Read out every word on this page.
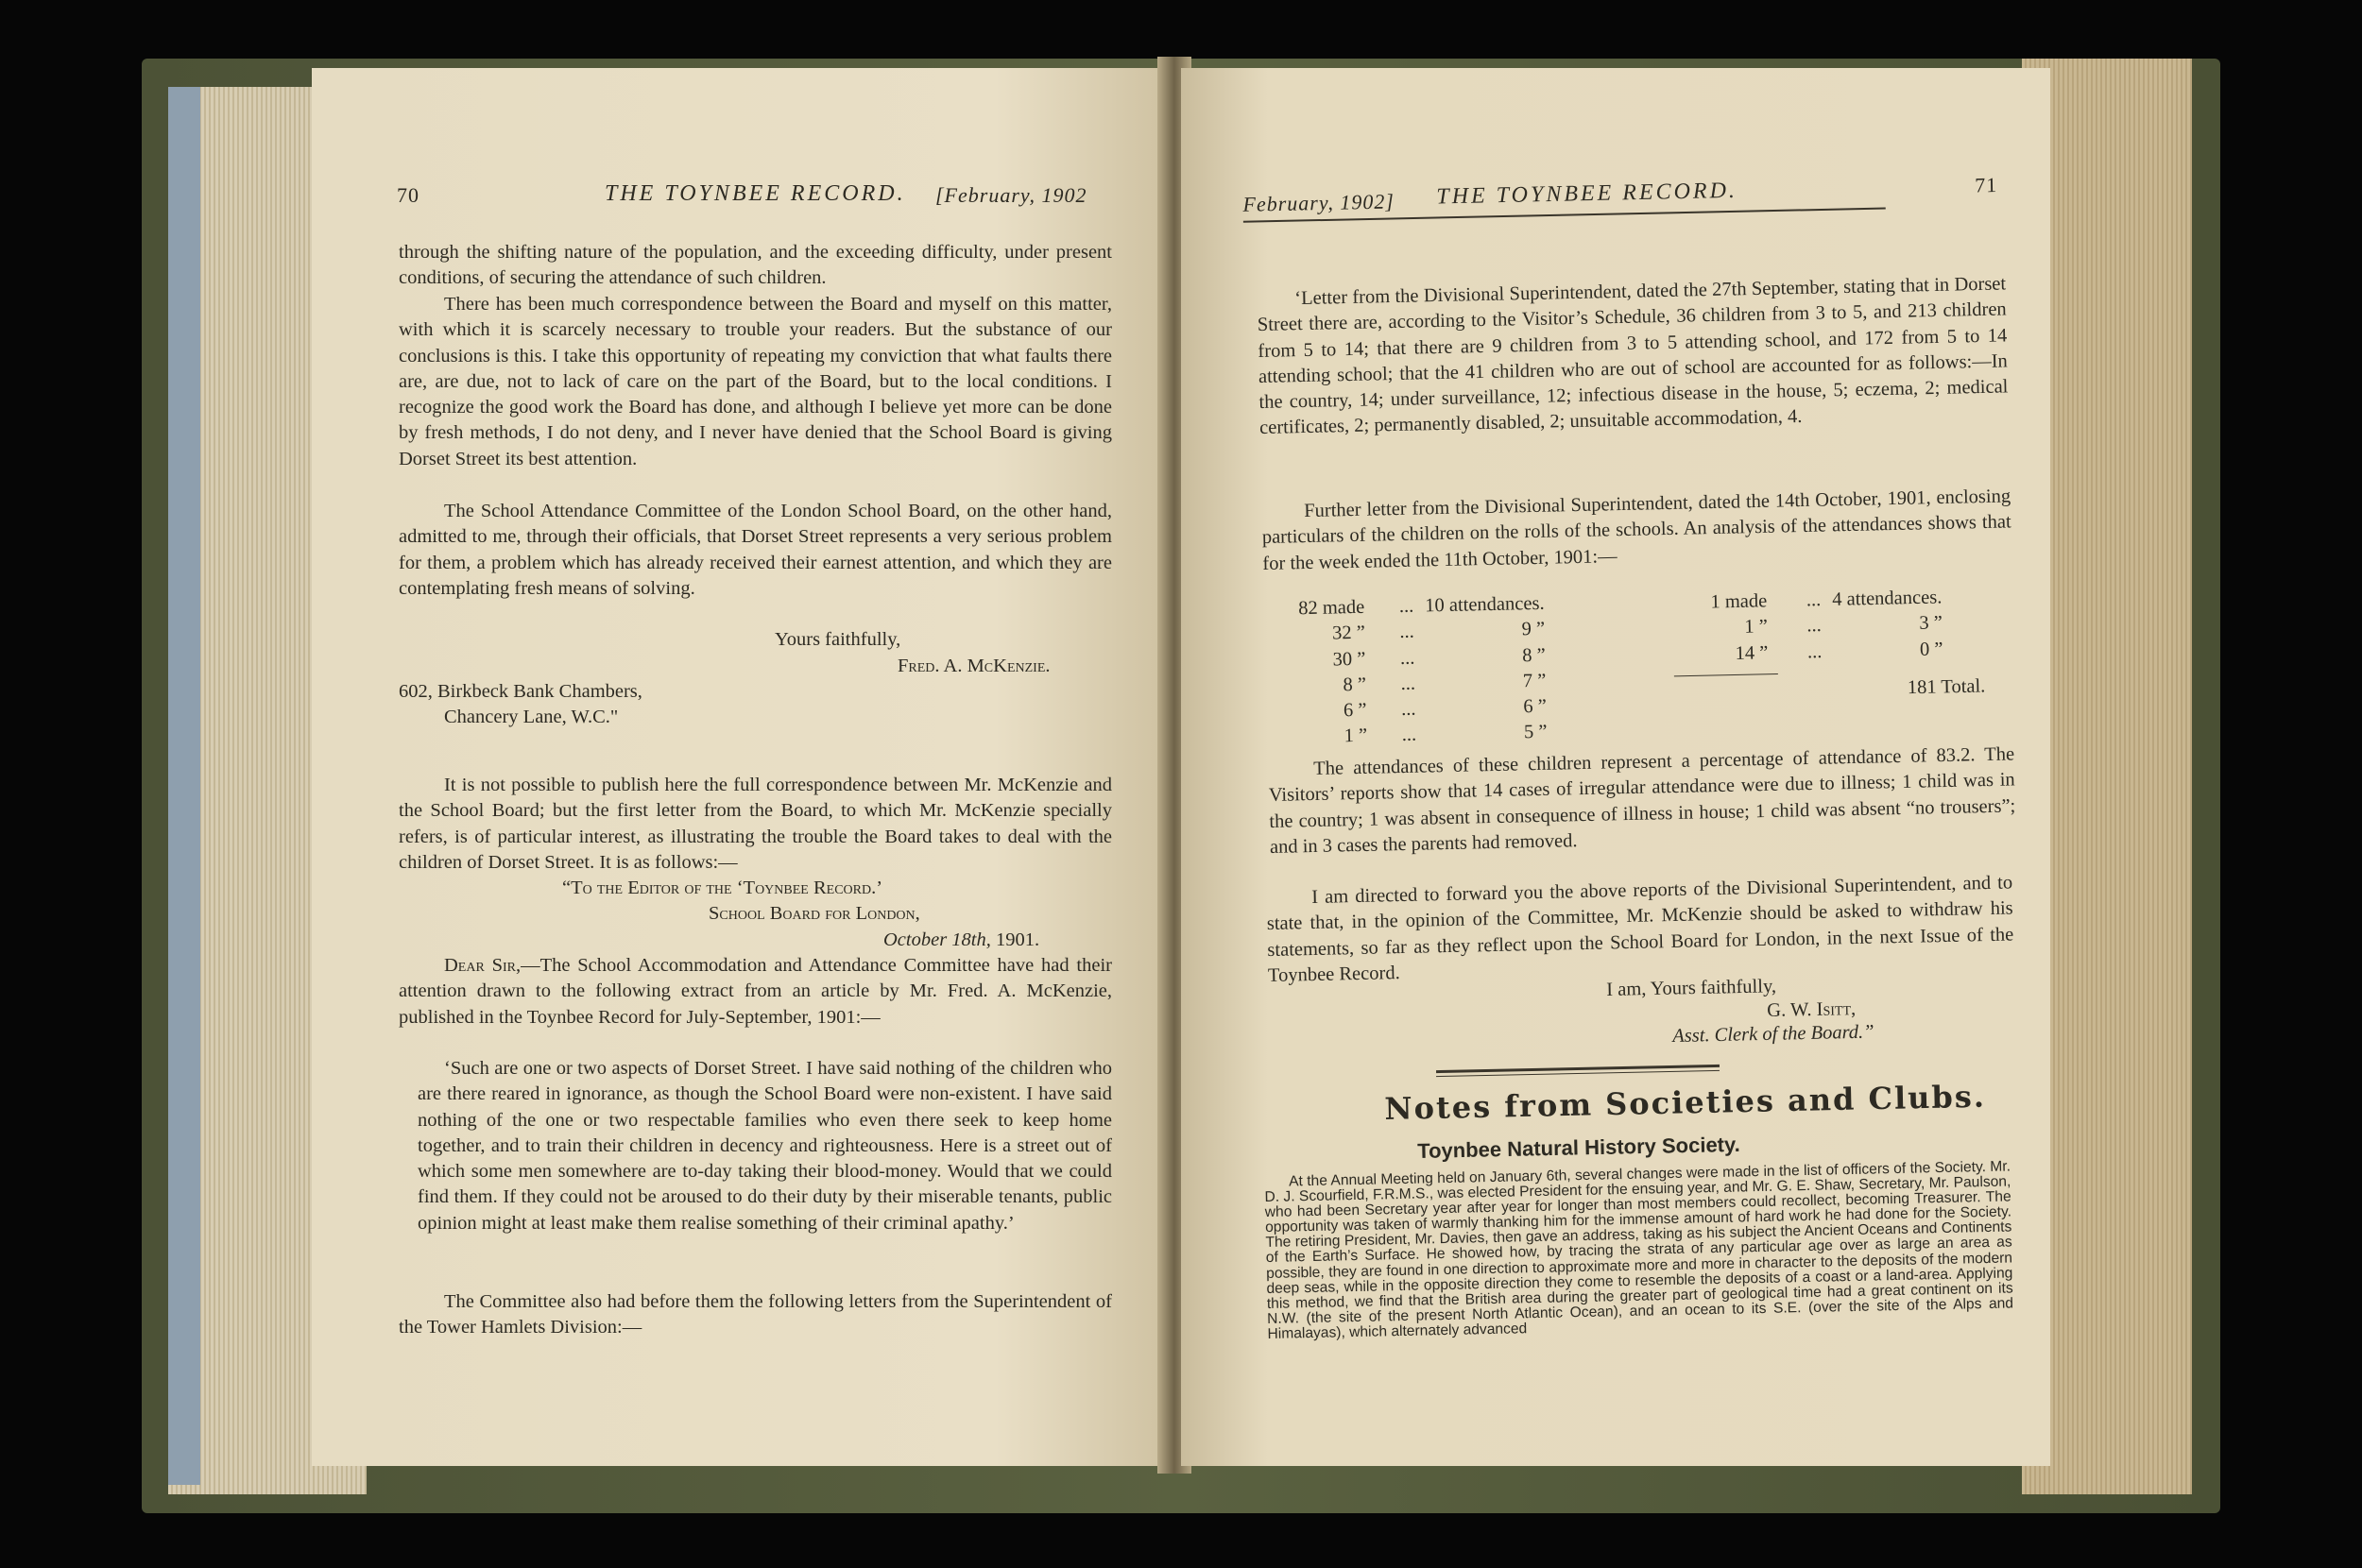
70	THE TOYNBEE RECORD. [February, 1902
through the shifting nature of the population, and the exceeding difficulty, under present conditions, of securing the attendance of such children.
There has been much correspondence between the Board and myself on this matter, with which it is scarcely necessary to trouble your readers. But the substance of our conclusions is this. I take this opportunity of repeating my conviction that what faults there are, are due, not to lack of care on the part of the Board, but to the local conditions. I recognize the good work the Board has done, and although I believe yet more can be done by fresh methods, I do not deny, and I never have denied that the School Board is giving Dorset Street its best attention.
The School Attendance Committee of the London School Board, on the other hand, admitted to me, through their officials, that Dorset Street represents a very serious problem for them, a problem which has already received their earnest attention, and which they are contemplating fresh means of solving.
Yours faithfully,
Fred. A. McKenzie.
602, Birkbeck Bank Chambers,
Chancery Lane, W.C."
It is not possible to publish here the full correspondence between Mr. McKenzie and the School Board; but the first letter from the Board, to which Mr. McKenzie specially refers, is of particular interest, as illustrating the trouble the Board takes to deal with the children of Dorset Street. It is as follows:—
“To the Editor of the ‘Toynbee Record.’
School Board for London,
October 18th, 1901.
Dear Sir,—The School Accommodation and Attendance Committee have had their attention drawn to the following extract from an article by Mr. Fred. A. McKenzie, published in the Toynbee Record for July-September, 1901:—
‘Such are one or two aspects of Dorset Street. I have said nothing of the children who are there reared in ignorance, as though the School Board were non-existent. I have said nothing of the one or two respectable families who even there seek to keep home together, and to train their children in decency and righteousness. Here is a street out of which some men somewhere are to-day taking their blood-money. Would that we could find them. If they could not be aroused to do their duty by their miserable tenants, public opinion might at least make them realise something of their criminal apathy.’
The Committee also had before them the following letters from the Superintendent of the Tower Hamlets Division:—
February, 1902] THE TOYNBEE RECORD.	71
‘Letter from the Divisional Superintendent, dated the 27th September, stating that in Dorset Street there are, according to the Visitor’s Schedule, 36 children from 3 to 5, and 213 children from 5 to 14; that there are 9 children from 3 to 5 attending school, and 172 from 5 to 14 attending school; that the 41 children who are out of school are accounted for as follows:—In the country, 14; under surveillance, 12; infectious disease in the house, 5; eczema, 2; medical certificates, 2; permanently disabled, 2; unsuitable accommodation, 4.
Further letter from the Divisional Superintendent, dated the 14th October, 1901, enclosing particulars of the children on the rolls of the schools. An analysis of the attendances shows that for the week ended the 11th October, 1901:—
82 made	...	10 attendances.
32 ”	...	9 ”
30 ”	...	8 ”
8 ”	...	7 ”
6 ”	...	6 ”
1 ”	...	5 ”
1 made	...	4 attendances.
1 ”	...	3 ”
14 ”	...	0 ”
181 Total.
The attendances of these children represent a percentage of attendance of 83.2. The Visitors’ reports show that 14 cases of irregular attendance were due to illness; 1 child was in the country; 1 was absent in consequence of illness in house; 1 child was absent “no trousers”; and in 3 cases the parents had removed.
I am directed to forward you the above reports of the Divisional Superintendent, and to state that, in the opinion of the Committee, Mr. McKenzie should be asked to withdraw his statements, so far as they reflect upon the School Board for London, in the next Issue of the Toynbee Record.
I am, Yours faithfully,
G. W. Isitt,
Asst. Clerk of the Board.”
Notes from Societies and Clubs.
Toynbee Natural History Society.
At the Annual Meeting held on January 6th, several changes were made in the list of officers of the Society. Mr. D. J. Scourfield, F.R.M.S., was elected President for the ensuing year, and Mr. G. E. Shaw, Secretary, Mr. Paulson, who had been Secretary year after year for longer than most members could recollect, becoming Treasurer. The opportunity was taken of warmly thanking him for the immense amount of hard work he had done for the Society. The retiring President, Mr. Davies, then gave an address, taking as his subject the Ancient Oceans and Continents of the Earth’s Surface. He showed how, by tracing the strata of any particular age over as large an area as possible, they are found in one direction to approximate more and more in character to the deposits of the modern deep seas, while in the opposite direction they come to resemble the deposits of a coast or a land-area. Applying this method, we find that the British area during the greater part of geological time had a great continent on its N.W. (the site of the present North Atlantic Ocean), and an ocean to its S.E. (over the site of the Alps and Himalayas), which alternately advanced
